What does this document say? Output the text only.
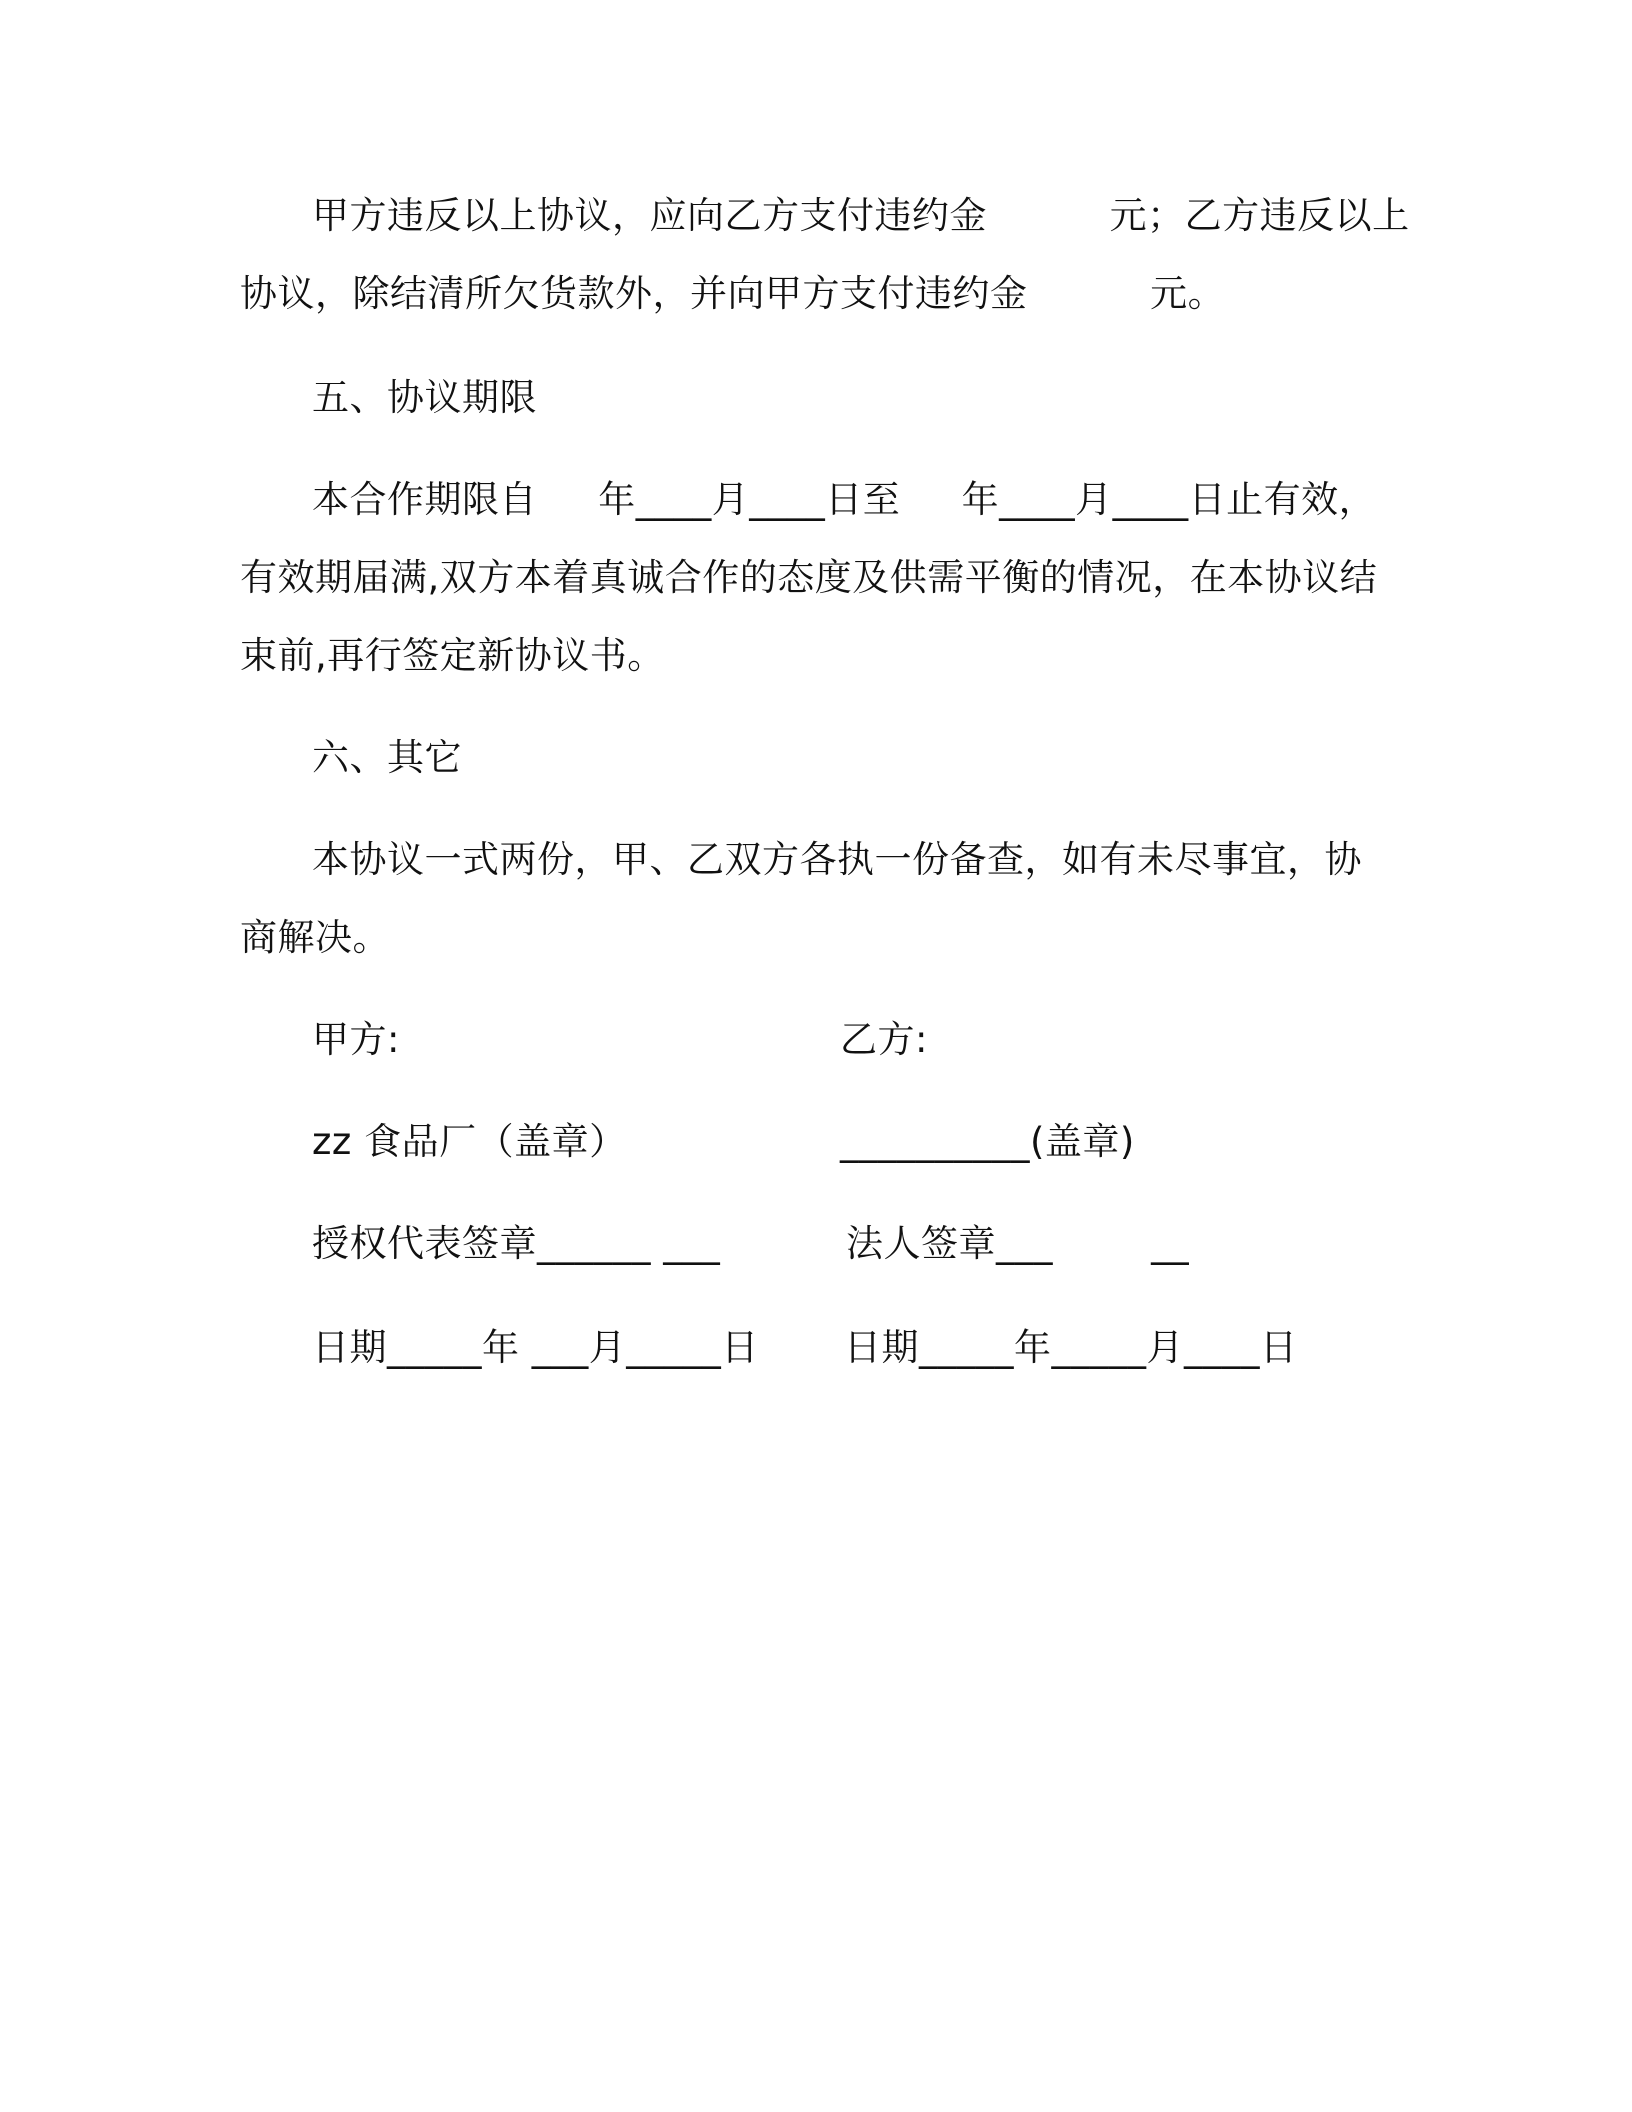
甲方违反以上协议，应向乙方支付违约金          元；乙方违反以上
协议，除结清所欠货款外，并向甲方支付违约金          元。
五、协议期限
本合作期限自     年____月____日至     年____月____日止有效，
有效期届满,双方本着真诚合作的态度及供需平衡的情况，在本协议结
束前,再行签定新协议书。
六、其它
本协议一式两份，甲、乙双方各执一份备查，如有未尽事宜，协
商解决。
甲方:	乙方:
zz 食品厂（盖章）	__________(盖章)
授权代表签章______ ___	法人签章___        __
日期_____年 ___月_____日 日期_____年_____月____日
